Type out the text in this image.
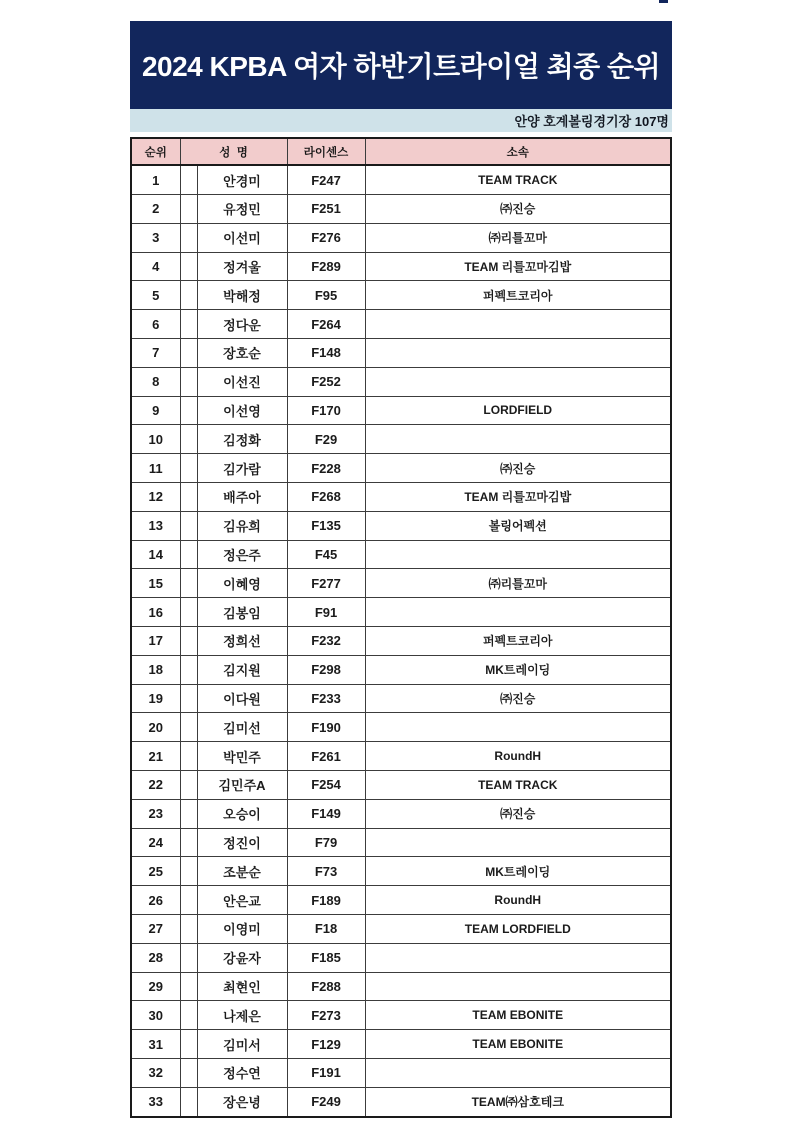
2024 KPBA 여자 하반기트라이얼 최종 순위
안양 호계볼링경기장 107명
순위	성  명		라이센스	소속
1		안경미	F247	TEAM TRACK
2		유정민	F251	㈜진승
3		이선미	F276	㈜리틀꼬마
4		정겨울	F289	TEAM 리틀꼬마김밥
5		박해정	F95	퍼펙트코리아
6		정다운	F264	
7		장호순	F148	
8		이선진	F252	
9		이선영	F170	LORDFIELD
10		김정화	F29	
11		김가람	F228	㈜진승
12		배주아	F268	TEAM 리틀꼬마김밥
13		김유희	F135	볼링어펙션
14		정은주	F45	
15		이혜영	F277	㈜리틀꼬마
16		김봉임	F91	
17		정희선	F232	퍼펙트코리아
18		김지원	F298	MK트레이딩
19		이다원	F233	㈜진승
20		김미선	F190	
21		박민주	F261	RoundH
22		김민주A	F254	TEAM TRACK
23		오승이	F149	㈜진승
24		정진이	F79	
25		조분순	F73	MK트레이딩
26		안은교	F189	RoundH
27		이영미	F18	TEAM LORDFIELD
28		강윤자	F185	
29		최현인	F288	
30		나제은	F273	TEAM EBONITE
31		김미서	F129	TEAM EBONITE
32		정수연	F191	
33		장은녕	F249	TEAM㈜삼호테크
